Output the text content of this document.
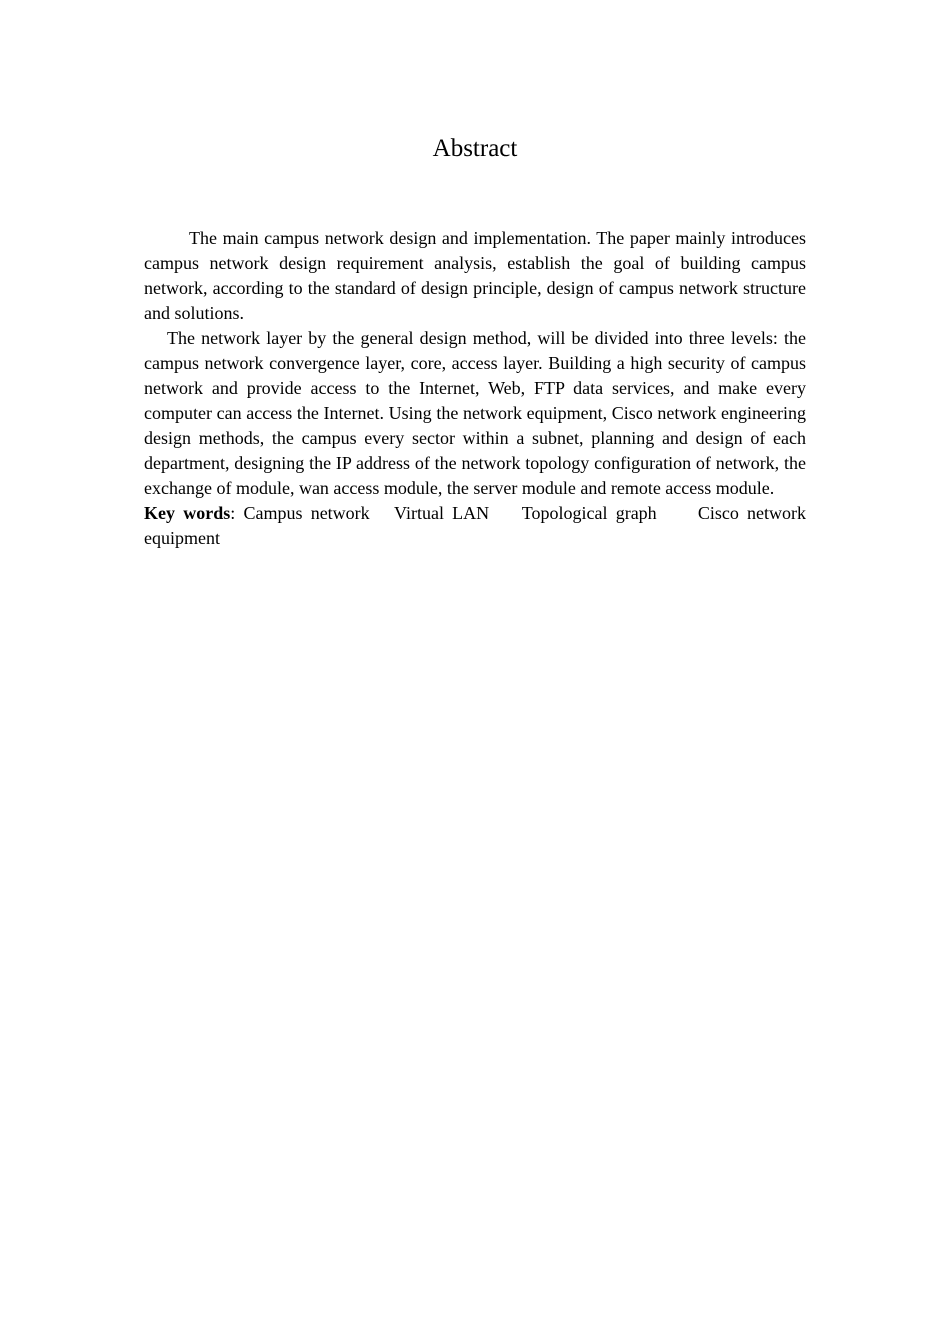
Abstract

The main campus network design and implementation. The paper mainly introduces campus network design requirement analysis, establish the goal of building campus network, according to the standard of design principle, design of campus network structure and solutions.

The network layer by the general design method, will be divided into three levels: the campus network convergence layer, core, access layer. Building a high security of campus network and provide access to the Internet, Web, FTP data services, and make every computer can access the Internet. Using the network equipment, Cisco network engineering design methods, the campus every sector within a subnet, planning and design of each department, designing the IP address of the network topology configuration of network, the exchange of module, wan access module, the server module and remote access module.

Key words: Campus network Virtual LAN Topological graph Cisco network equipment
